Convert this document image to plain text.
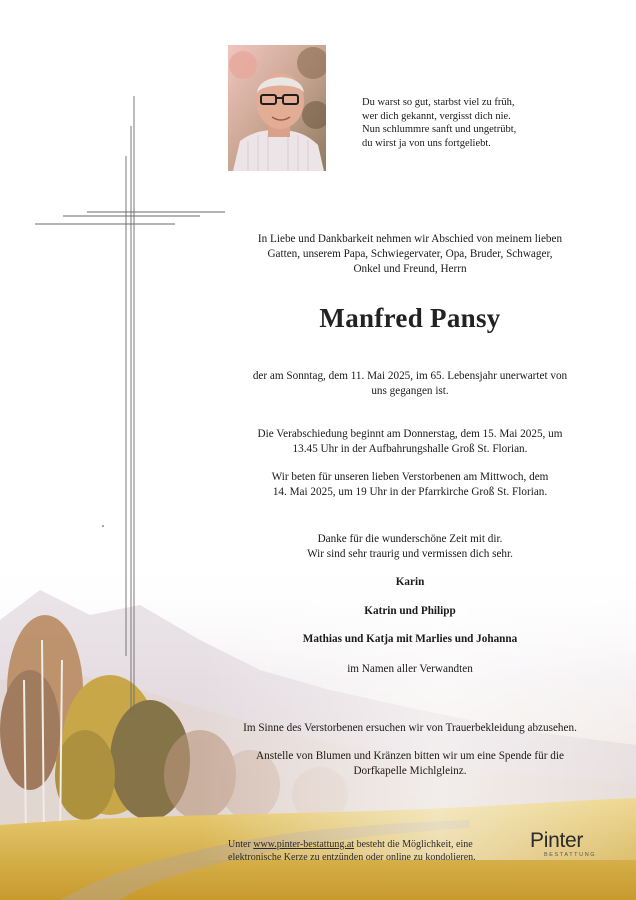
Du warst so gut, starbst viel zu früh,
wer dich gekannt, vergisst dich nie.
Nun schlummre sanft und ungetrübt,
du wirst ja von uns fortgeliebt.
In Liebe und Dankbarkeit nehmen wir Abschied von meinem lieben
Gatten, unserem Papa, Schwiegervater, Opa, Bruder, Schwager,
Onkel und Freund, Herrn
Manfred Pansy
der am Sonntag, dem 11. Mai 2025, im 65. Lebensjahr unerwartet von
uns gegangen ist.
Die Verabschiedung beginnt am Donnerstag, dem 15. Mai 2025, um
13.45 Uhr in der Aufbahrungshalle Groß St. Florian.
Wir beten für unseren lieben Verstorbenen am Mittwoch, dem
14. Mai 2025, um 19 Uhr in der Pfarrkirche Groß St. Florian.
Danke für die wunderschöne Zeit mit dir.
Wir sind sehr traurig und vermissen dich sehr.
Karin
Katrin und Philipp
Mathias und Katja mit Marlies und Johanna
im Namen aller Verwandten
Im Sinne des Verstorbenen ersuchen wir von Trauerbekleidung abzusehen.
Anstelle von Blumen und Kränzen bitten wir um eine Spende für die
Dorfkapelle Michlgleinz.
Unter www.pinter-bestattung.at besteht die Möglichkeit, eine
elektronische Kerze zu entzünden oder online zu kondolieren.
Pinter
BESTATTUNG
